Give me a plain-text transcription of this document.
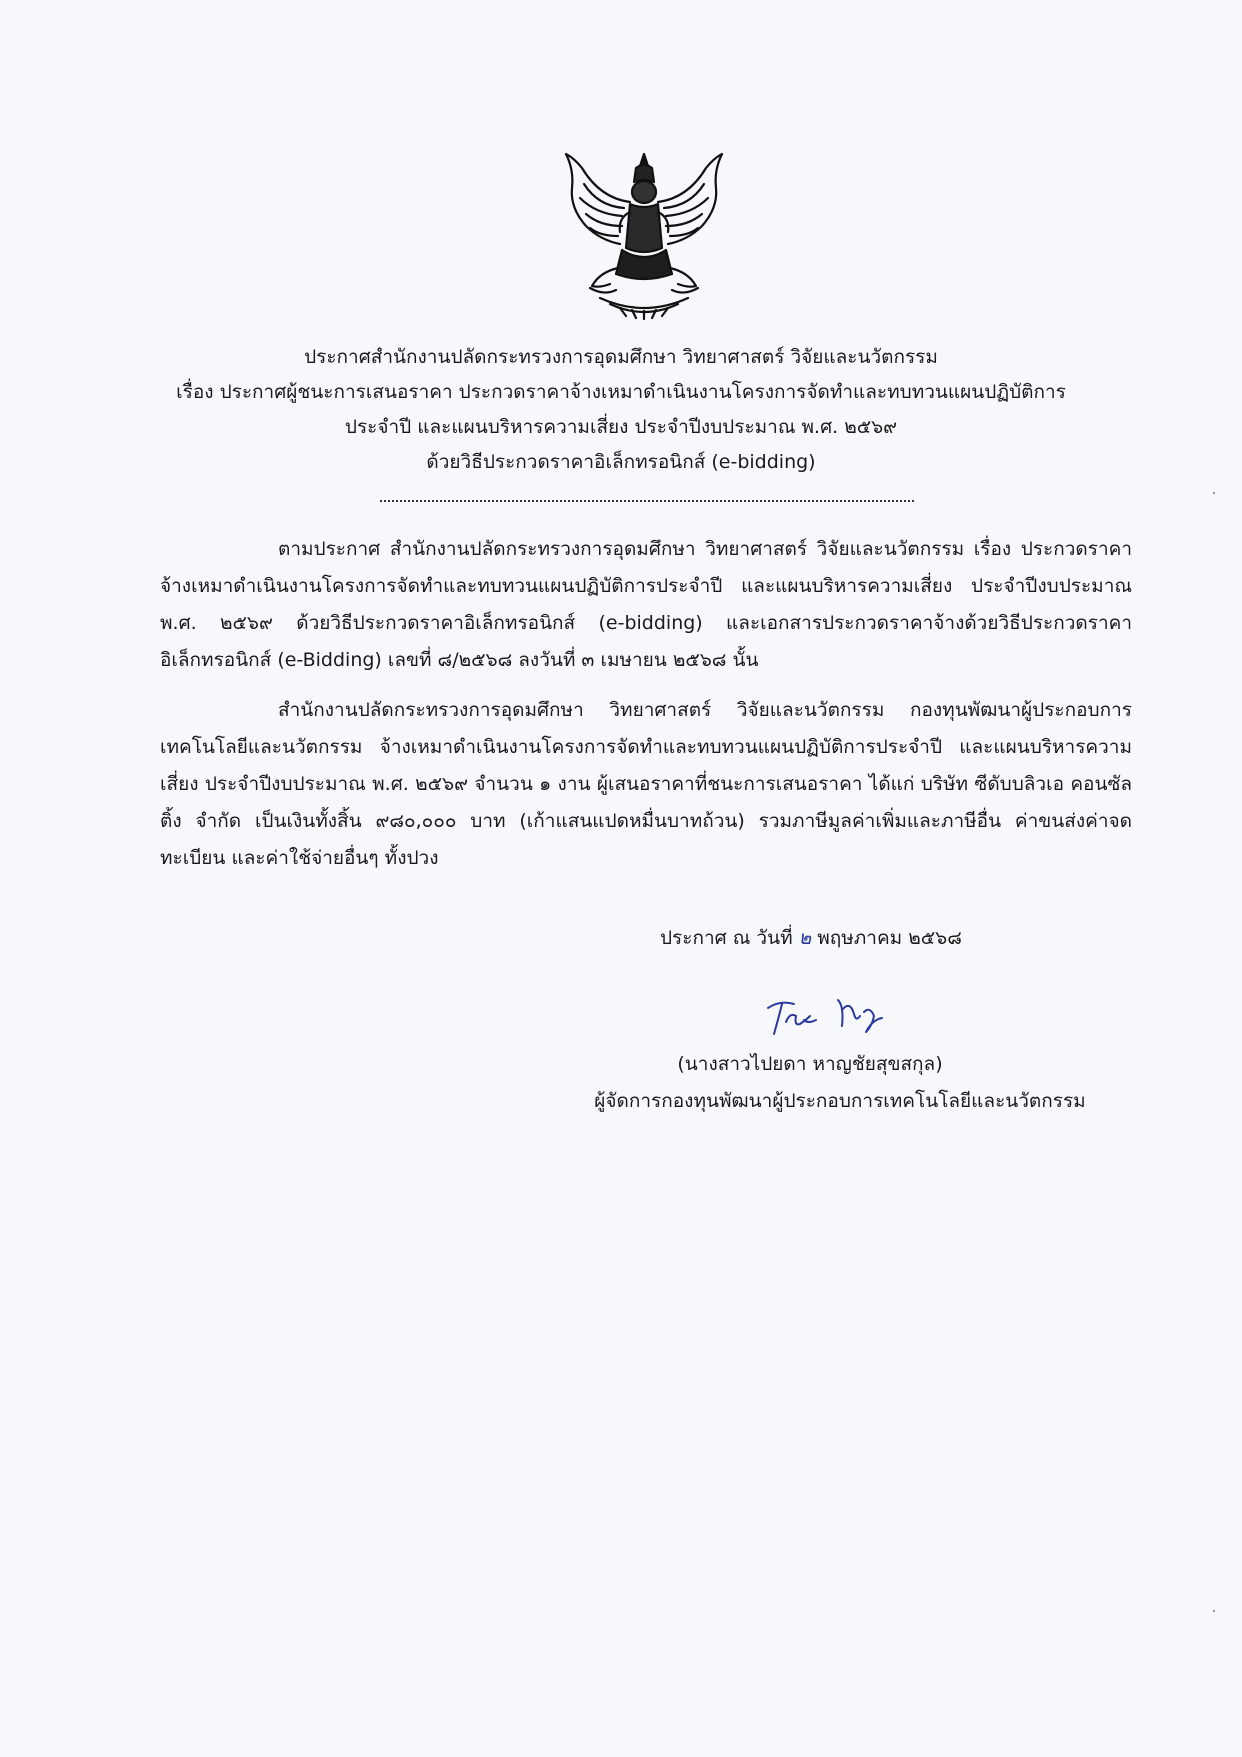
ประกาศสำนักงานปลัดกระทรวงการอุดมศึกษา วิทยาศาสตร์ วิจัยและนวัตกรรม
เรื่อง ประกาศผู้ชนะการเสนอราคา ประกวดราคาจ้างเหมาดำเนินงานโครงการจัดทำและทบทวนแผนปฏิบัติการ
ประจำปี และแผนบริหารความเสี่ยง ประจำปีงบประมาณ พ.ศ. ๒๕๖๙
ด้วยวิธีประกวดราคาอิเล็กทรอนิกส์ (e-bidding)

ตามประกาศ สำนักงานปลัดกระทรวงการอุดมศึกษา วิทยาศาสตร์ วิจัยและนวัตกรรม เรื่อง ประกวดราคาจ้างเหมาดำเนินงานโครงการจัดทำและทบทวนแผนปฏิบัติการประจำปี และแผนบริหารความเสี่ยง ประจำปีงบประมาณ พ.ศ. ๒๕๖๙ ด้วยวิธีประกวดราคาอิเล็กทรอนิกส์ (e-bidding) และเอกสารประกวดราคาจ้างด้วยวิธีประกวดราคาอิเล็กทรอนิกส์ (e-Bidding) เลขที่ ๘/๒๕๖๘ ลงวันที่ ๓ เมษายน ๒๕๖๘ นั้น

สำนักงานปลัดกระทรวงการอุดมศึกษา วิทยาศาสตร์ วิจัยและนวัตกรรม กองทุนพัฒนาผู้ประกอบการเทคโนโลยีและนวัตกรรม จ้างเหมาดำเนินงานโครงการจัดทำและทบทวนแผนปฏิบัติการประจำปี และแผนบริหารความเสี่ยง ประจำปีงบประมาณ พ.ศ. ๒๕๖๙ จำนวน ๑ งาน ผู้เสนอราคาที่ชนะการเสนอราคา ได้แก่ บริษัท ซีดับบลิวเอ คอนซัลติ้ง จำกัด เป็นเงินทั้งสิ้น ๙๘๐,๐๐๐ บาท (เก้าแสนแปดหมื่นบาทถ้วน) รวมภาษีมูลค่าเพิ่มและภาษีอื่น ค่าขนส่งค่าจดทะเบียน และค่าใช้จ่ายอื่นๆ ทั้งปวง

ประกาศ ณ วันที่ ๒ พฤษภาคม ๒๕๖๘
(นางสาวไปยดา หาญชัยสุขสกุล)
ผู้จัดการกองทุนพัฒนาผู้ประกอบการเทคโนโลยีและนวัตกรรม
